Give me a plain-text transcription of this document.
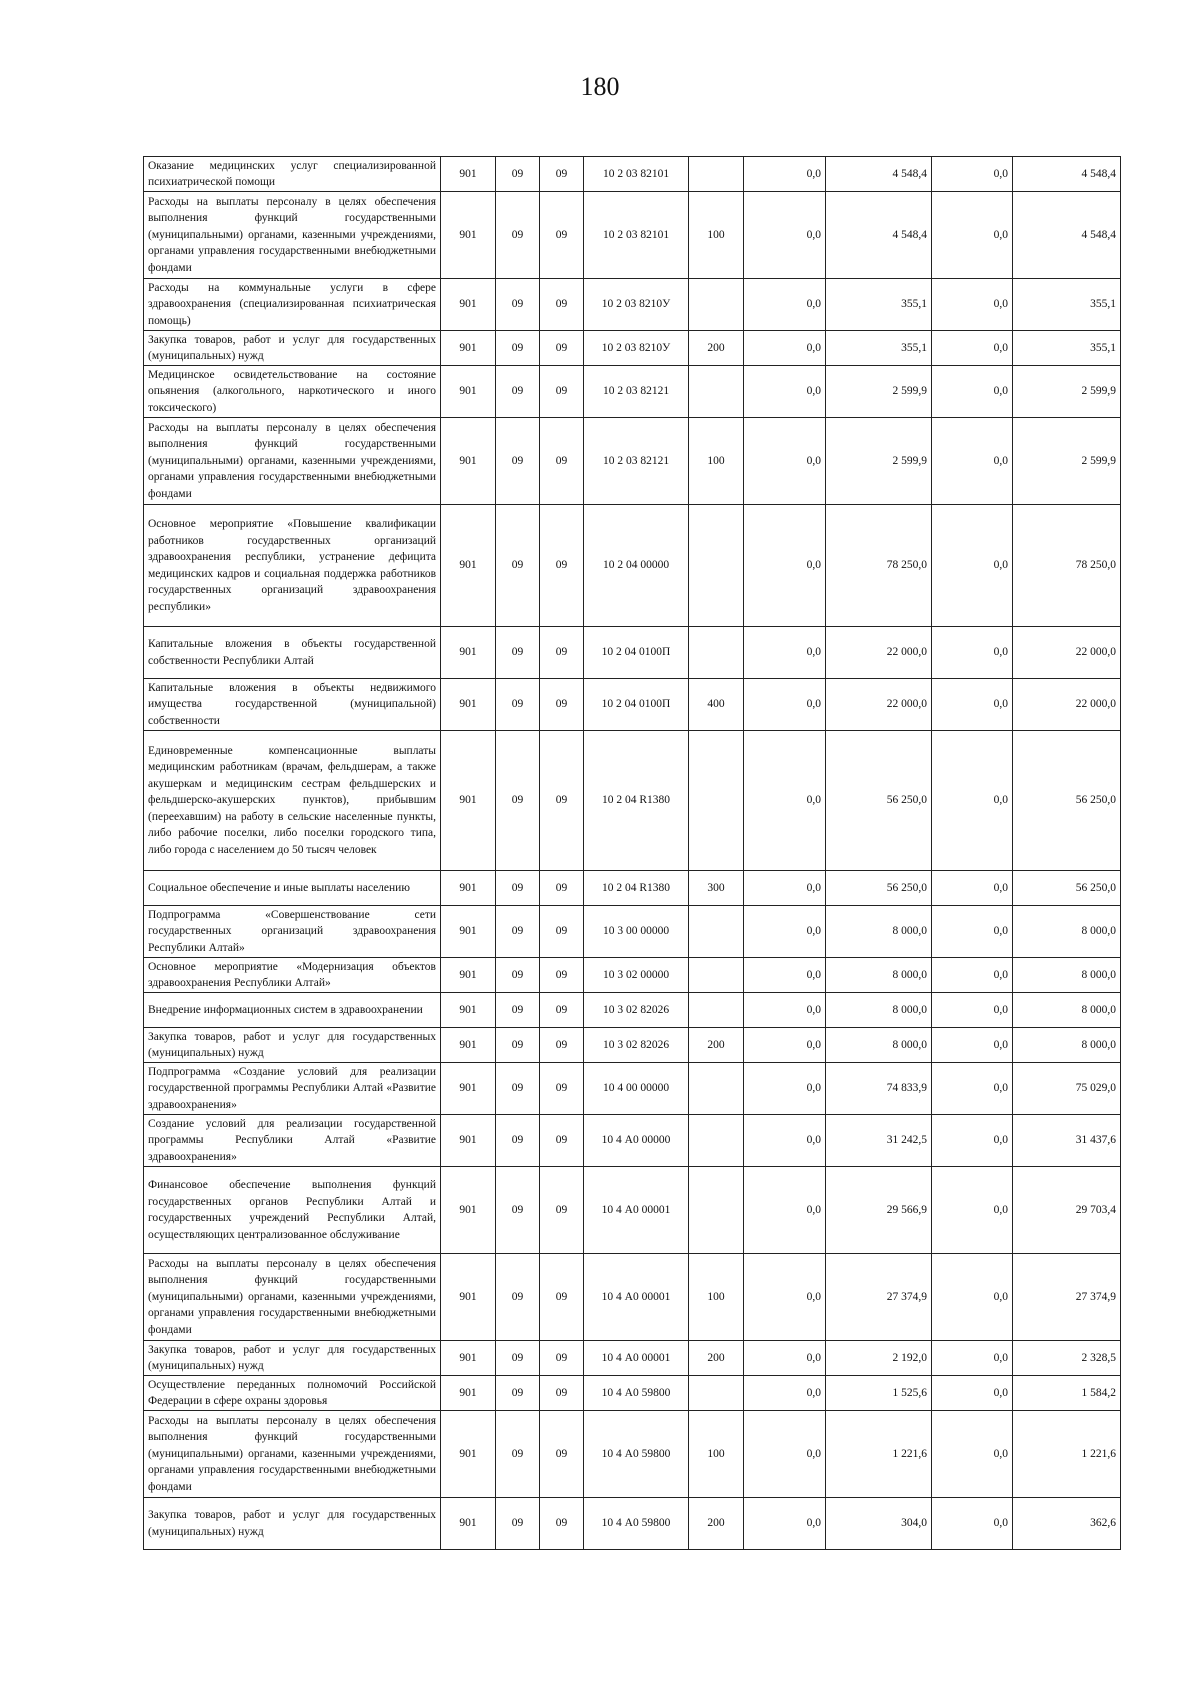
180
Оказание медицинских услуг специализированной психиатрической помощи	901	09	09	10 2 03 82101		0,0	4 548,4	0,0	4 548,4
Расходы на выплаты персоналу в целях обеспечения выполнения функций государственными (муниципальными) органами, казенными учреждениями, органами управления государственными внебюджетными фондами	901	09	09	10 2 03 82101	100	0,0	4 548,4	0,0	4 548,4
Расходы на коммунальные услуги в сфере здравоохранения (специализированная психиатрическая помощь)	901	09	09	10 2 03 8210У		0,0	355,1	0,0	355,1
Закупка товаров, работ и услуг для государственных (муниципальных) нужд	901	09	09	10 2 03 8210У	200	0,0	355,1	0,0	355,1
Медицинское освидетельствование на состояние опьянения (алкогольного, наркотического и иного токсического)	901	09	09	10 2 03 82121		0,0	2 599,9	0,0	2 599,9
Расходы на выплаты персоналу в целях обеспечения выполнения функций государственными (муниципальными) органами, казенными учреждениями, органами управления государственными внебюджетными фондами	901	09	09	10 2 03 82121	100	0,0	2 599,9	0,0	2 599,9
Основное мероприятие «Повышение квалификации работников государственных организаций здравоохранения республики, устранение дефицита медицинских кадров и социальная поддержка работников государственных организаций здравоохранения республики»	901	09	09	10 2 04 00000		0,0	78 250,0	0,0	78 250,0
Капитальные вложения в объекты государственной собственности Республики Алтай	901	09	09	10 2 04 0100П		0,0	22 000,0	0,0	22 000,0
Капитальные вложения в объекты недвижимого имущества государственной (муниципальной) собственности	901	09	09	10 2 04 0100П	400	0,0	22 000,0	0,0	22 000,0
Единовременные компенсационные выплаты медицинским работникам (врачам, фельдшерам, а также акушеркам и медицинским сестрам фельдшерских и фельдшерско-акушерских пунктов), прибывшим (переехавшим) на работу в сельские населенные пункты, либо рабочие поселки, либо поселки городского типа, либо города с населением до 50 тысяч человек	901	09	09	10 2 04 R1380		0,0	56 250,0	0,0	56 250,0
Социальное обеспечение и иные выплаты населению	901	09	09	10 2 04 R1380	300	0,0	56 250,0	0,0	56 250,0
Подпрограмма «Совершенствование сети государственных организаций здравоохранения Республики Алтай»	901	09	09	10 3 00 00000		0,0	8 000,0	0,0	8 000,0
Основное мероприятие «Модернизация объектов здравоохранения Республики Алтай»	901	09	09	10 3 02 00000		0,0	8 000,0	0,0	8 000,0
Внедрение информационных систем в здравоохранении	901	09	09	10 3 02 82026		0,0	8 000,0	0,0	8 000,0
Закупка товаров, работ и услуг для государственных (муниципальных) нужд	901	09	09	10 3 02 82026	200	0,0	8 000,0	0,0	8 000,0
Подпрограмма «Создание условий для реализации государственной программы Республики Алтай «Развитие здравоохранения»	901	09	09	10 4 00 00000		0,0	74 833,9	0,0	75 029,0
Создание условий для реализации государственной программы Республики Алтай «Развитие здравоохранения»	901	09	09	10 4 А0 00000		0,0	31 242,5	0,0	31 437,6
Финансовое обеспечение выполнения функций государственных органов Республики Алтай и государственных учреждений Республики Алтай, осуществляющих централизованное обслуживание	901	09	09	10 4 А0 00001		0,0	29 566,9	0,0	29 703,4
Расходы на выплаты персоналу в целях обеспечения выполнения функций государственными (муниципальными) органами, казенными учреждениями, органами управления государственными внебюджетными фондами	901	09	09	10 4 А0 00001	100	0,0	27 374,9	0,0	27 374,9
Закупка товаров, работ и услуг для государственных (муниципальных) нужд	901	09	09	10 4 А0 00001	200	0,0	2 192,0	0,0	2 328,5
Осуществление переданных полномочий Российской Федерации в сфере охраны здоровья	901	09	09	10 4 А0 59800		0,0	1 525,6	0,0	1 584,2
Расходы на выплаты персоналу в целях обеспечения выполнения функций государственными (муниципальными) органами, казенными учреждениями, органами управления государственными внебюджетными фондами	901	09	09	10 4 А0 59800	100	0,0	1 221,6	0,0	1 221,6
Закупка товаров, работ и услуг для государственных (муниципальных) нужд	901	09	09	10 4 А0 59800	200	0,0	304,0	0,0	362,6
